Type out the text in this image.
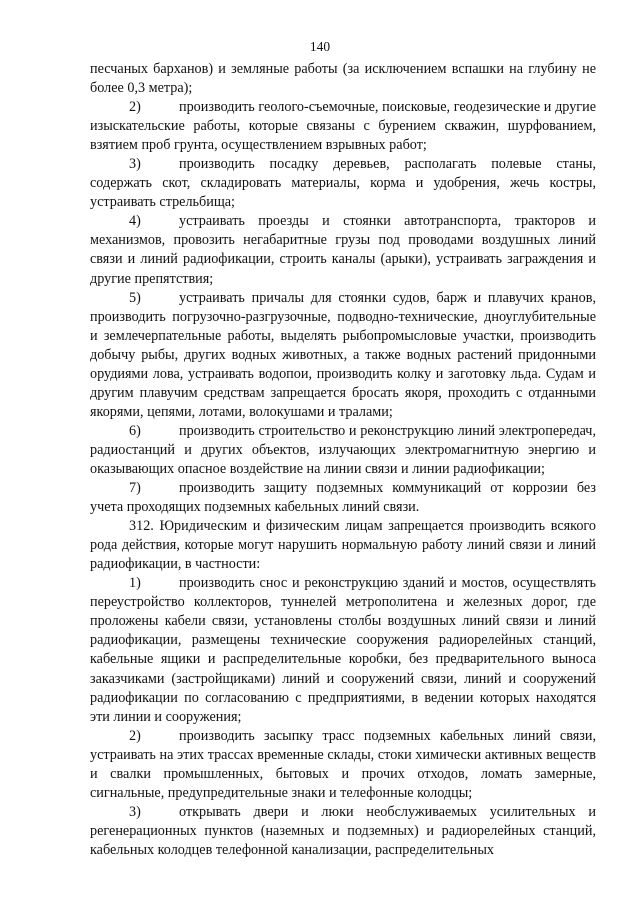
140

песчаных барханов) и земляные работы (за исключением вспашки на глубину не более 0,3 метра);

2)	производить геолого-съемочные, поисковые, геодезические и другие изыскательские работы, которые связаны с бурением скважин, шурфованием, взятием проб грунта, осуществлением взрывных работ;

3)	производить посадку деревьев, располагать полевые станы, содержать скот, складировать материалы, корма и удобрения, жечь костры, устраивать стрельбища;

4)	устраивать проезды и стоянки автотранспорта, тракторов и механизмов, провозить негабаритные грузы под проводами воздушных линий связи и линий радиофикации, строить каналы (арыки), устраивать заграждения и другие препятствия;

5)	устраивать причалы для стоянки судов, барж и плавучих кранов, производить погрузочно-разгрузочные, подводно-технические, дноуглубительные и землечерпательные работы, выделять рыбопромысловые участки, производить добычу рыбы, других водных животных, а также водных растений придонными орудиями лова, устраивать водопои, производить колку и заготовку льда. Судам и другим плавучим средствам запрещается бросать якоря, проходить с отданными якорями, цепями, лотами, волокушами и тралами;

6)	производить строительство и реконструкцию линий электропередач, радиостанций и других объектов, излучающих электромагнитную энергию и оказывающих опасное воздействие на линии связи и линии радиофикации;

7)	производить защиту подземных коммуникаций от коррозии без учета проходящих подземных кабельных линий связи.

312. Юридическим и физическим лицам запрещается производить всякого рода действия, которые могут нарушить нормальную работу линий связи и линий радиофикации, в частности:

1)	производить снос и реконструкцию зданий и мостов, осуществлять переустройство коллекторов, туннелей метрополитена и железных дорог, где проложены кабели связи, установлены столбы воздушных линий связи и линий радиофикации, размещены технические сооружения радиорелейных станций, кабельные ящики и распределительные коробки, без предварительного выноса заказчиками (застройщиками) линий и сооружений связи, линий и сооружений радиофикации по согласованию с предприятиями, в ведении которых находятся эти линии и сооружения;

2)	производить засыпку трасс подземных кабельных линий связи, устраивать на этих трассах временные склады, стоки химически активных веществ и свалки промышленных, бытовых и прочих отходов, ломать замерные, сигнальные, предупредительные знаки и телефонные колодцы;

3)	открывать двери и люки необслуживаемых усилительных и регенерационных пунктов (наземных и подземных) и радиорелейных станций, кабельных колодцев телефонной канализации, распределительных
